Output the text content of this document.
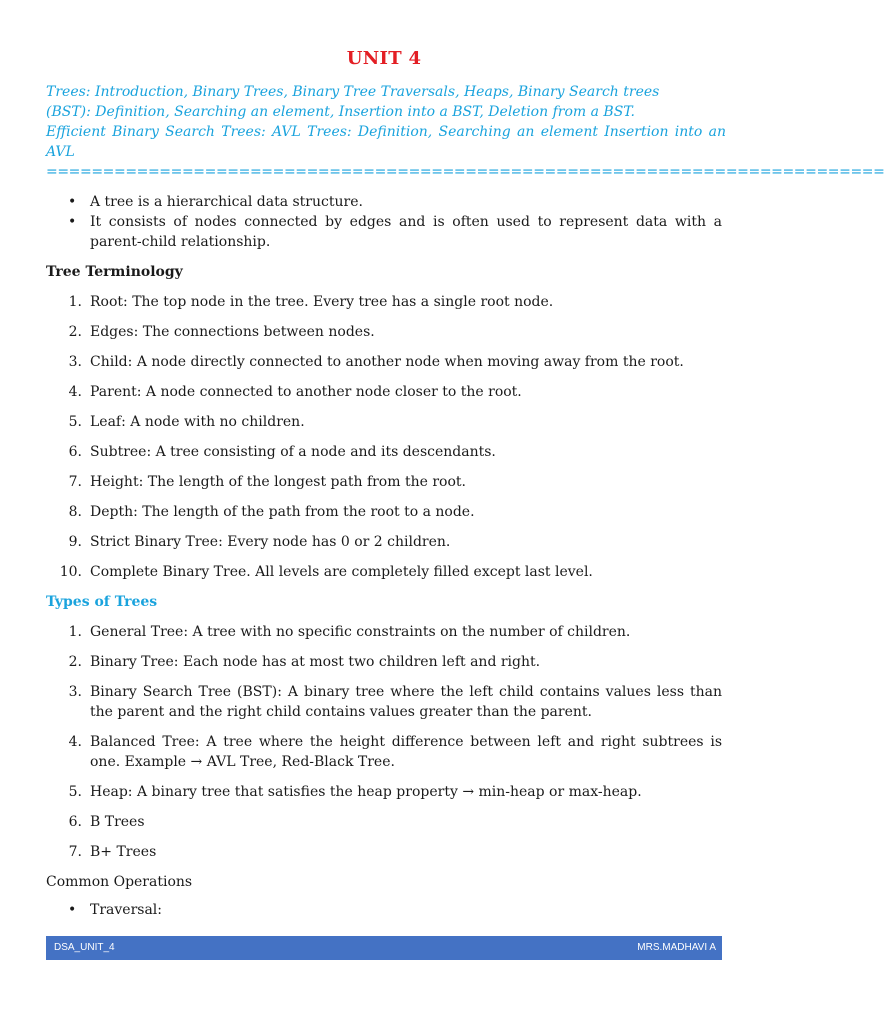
UNIT 4
Trees: Introduction, Binary Trees, Binary Tree Traversals, Heaps, Binary Search trees
(BST): Definition, Searching an element, Insertion into a BST, Deletion from a BST.
Efficient Binary Search Trees: AVL Trees: Definition, Searching an element Insertion into an AVL
==========================================================================
• A tree is a hierarchical data structure.
• It consists of nodes connected by edges and is often used to represent data with a parent-child relationship.
Tree Terminology
1. Root: The top node in the tree. Every tree has a single root node.
2. Edges: The connections between nodes.
3. Child: A node directly connected to another node when moving away from the root.
4. Parent: A node connected to another node closer to the root.
5. Leaf: A node with no children.
6. Subtree: A tree consisting of a node and its descendants.
7. Height: The length of the longest path from the root.
8. Depth: The length of the path from the root to a node.
9. Strict Binary Tree: Every node has 0 or 2 children.
10. Complete Binary Tree. All levels are completely filled except last level.
Types of Trees
1. General Tree: A tree with no specific constraints on the number of children.
2. Binary Tree: Each node has at most two children left and right.
3. Binary Search Tree (BST): A binary tree where the left child contains values less than the parent and the right child contains values greater than the parent.
4. Balanced Tree: A tree where the height difference between left and right subtrees is one. Example → AVL Tree, Red-Black Tree.
5. Heap: A binary tree that satisfies the heap property → min-heap or max-heap.
6. B Trees
7. B+ Trees
Common Operations
• Traversal:
DSA_UNIT_4	MRS.MADHAVI A
